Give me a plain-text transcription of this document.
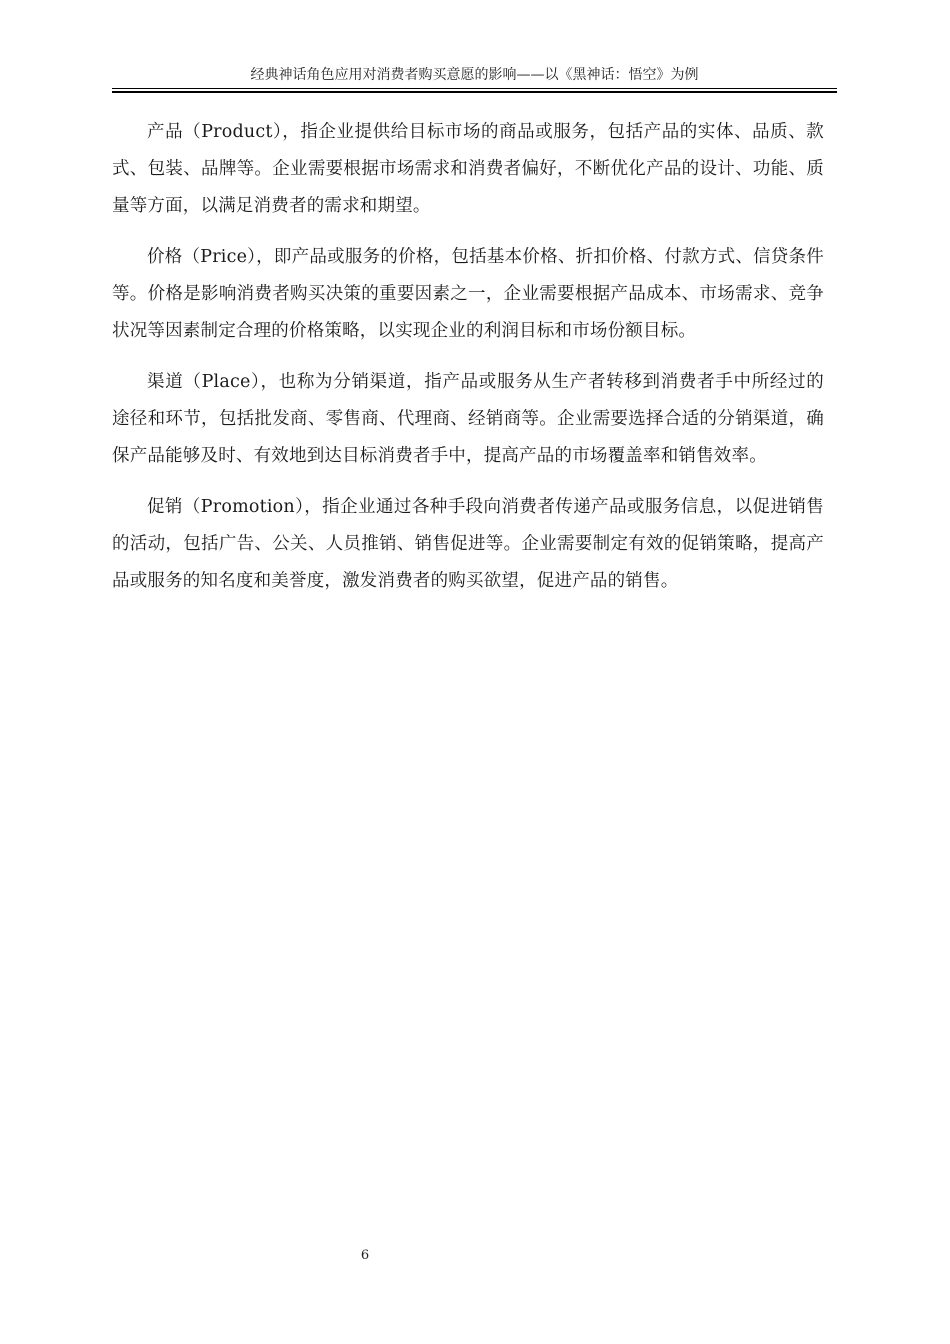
经典神话角色应用对消费者购买意愿的影响——以《黑神话：悟空》为例

产品（Product），指企业提供给目标市场的商品或服务，包括产品的实体、品质、款式、包装、品牌等。企业需要根据市场需求和消费者偏好，不断优化产品的设计、功能、质量等方面，以满足消费者的需求和期望。

价格（Price），即产品或服务的价格，包括基本价格、折扣价格、付款方式、信贷条件等。价格是影响消费者购买决策的重要因素之一，企业需要根据产品成本、市场需求、竞争状况等因素制定合理的价格策略，以实现企业的利润目标和市场份额目标。

渠道（Place），也称为分销渠道，指产品或服务从生产者转移到消费者手中所经过的途径和环节，包括批发商、零售商、代理商、经销商等。企业需要选择合适的分销渠道，确保产品能够及时、有效地到达目标消费者手中，提高产品的市场覆盖率和销售效率。

促销（Promotion），指企业通过各种手段向消费者传递产品或服务信息，以促进销售的活动，包括广告、公关、人员推销、销售促进等。企业需要制定有效的促销策略，提高产品或服务的知名度和美誉度，激发消费者的购买欲望，促进产品的销售。

6
